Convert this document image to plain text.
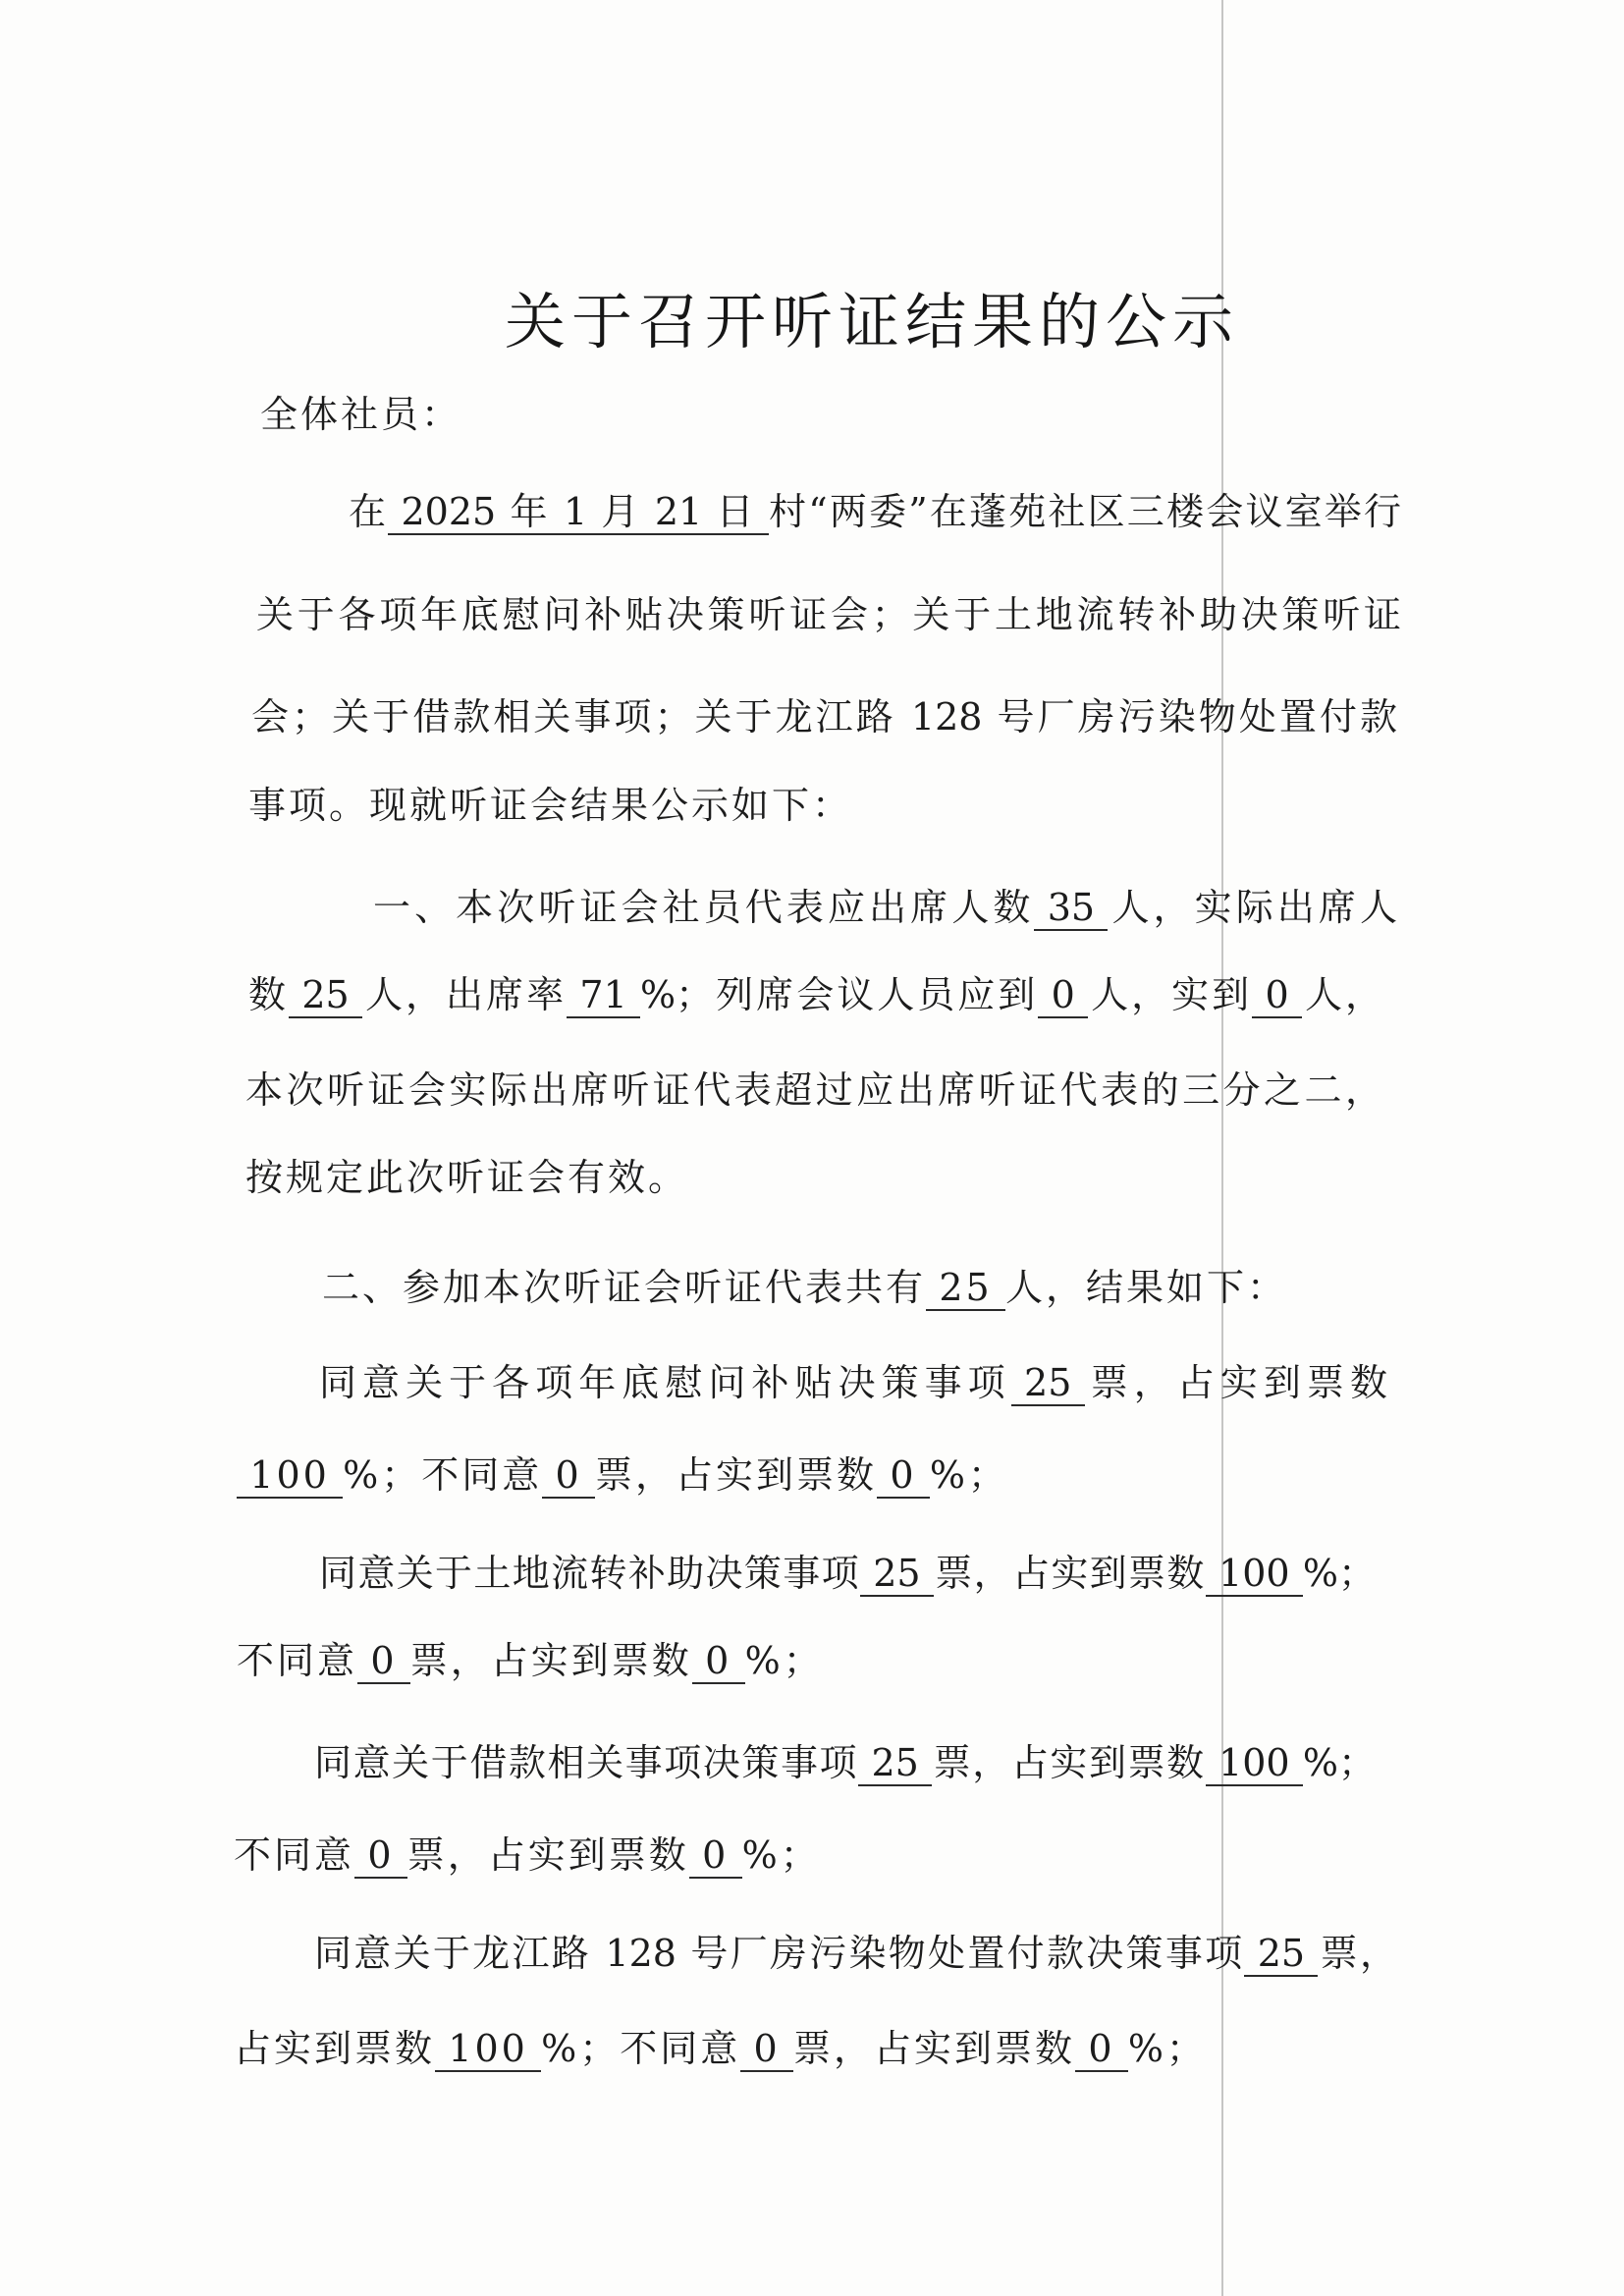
关于召开听证结果的公示
全体社员：
在 2025 年 1 月 21 日 村“两委”在蓬苑社区三楼会议室举行
关于各项年底慰问补贴决策听证会；关于土地流转补助决策听证
会；关于借款相关事项；关于龙江路 128 号厂房污染物处置付款
事项。现就听证会结果公示如下：
一、本次听证会社员代表应出席人数 35 人，实际出席人
数 25 人，出席率 71 %；列席会议人员应到 0 人，实到 0 人，
本次听证会实际出席听证代表超过应出席听证代表的三分之二，
按规定此次听证会有效。
二、参加本次听证会听证代表共有 25 人，结果如下：
同意关于各项年底慰问补贴决策事项 25 票，占实到票数
100 %；不同意 0 票，占实到票数 0 %；
同意关于土地流转补助决策事项 25 票，占实到票数 100 %；
不同意 0 票，占实到票数 0 %；
同意关于借款相关事项决策事项 25 票，占实到票数 100 %；
不同意 0 票，占实到票数 0 %；
同意关于龙江路 128 号厂房污染物处置付款决策事项 25 票，
占实到票数 100 %；不同意 0 票，占实到票数 0 %；
